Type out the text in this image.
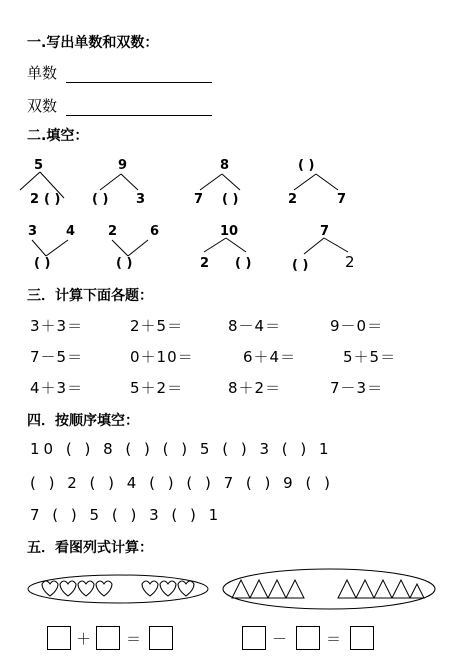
一.写出单数和双数：
单数
双数
二.填空：
5
2 ( )
9
( ) 3
8
7 ( )
( )
2	7
3 4
( )
2	6
( )
10
2 ( )
7
( ) 2
三．计算下面各题：
3＋3＝	2＋5＝	8－4＝	9－0＝
7－5＝	0＋10＝	6＋4＝	5＋5＝
4＋3＝	5＋2＝	8＋2＝	7－3＝
四．按顺序填空：
10 ( ) 8 ( ) ( ) 5 ( ) 3 ( ) 1
( ) 2 ( ) 4 ( ) ( ) 7 ( ) 9 ( )
7 ( ) 5 ( ) 3 ( ) 1
五．看图列式计算：
＋ ＝	－	＝
